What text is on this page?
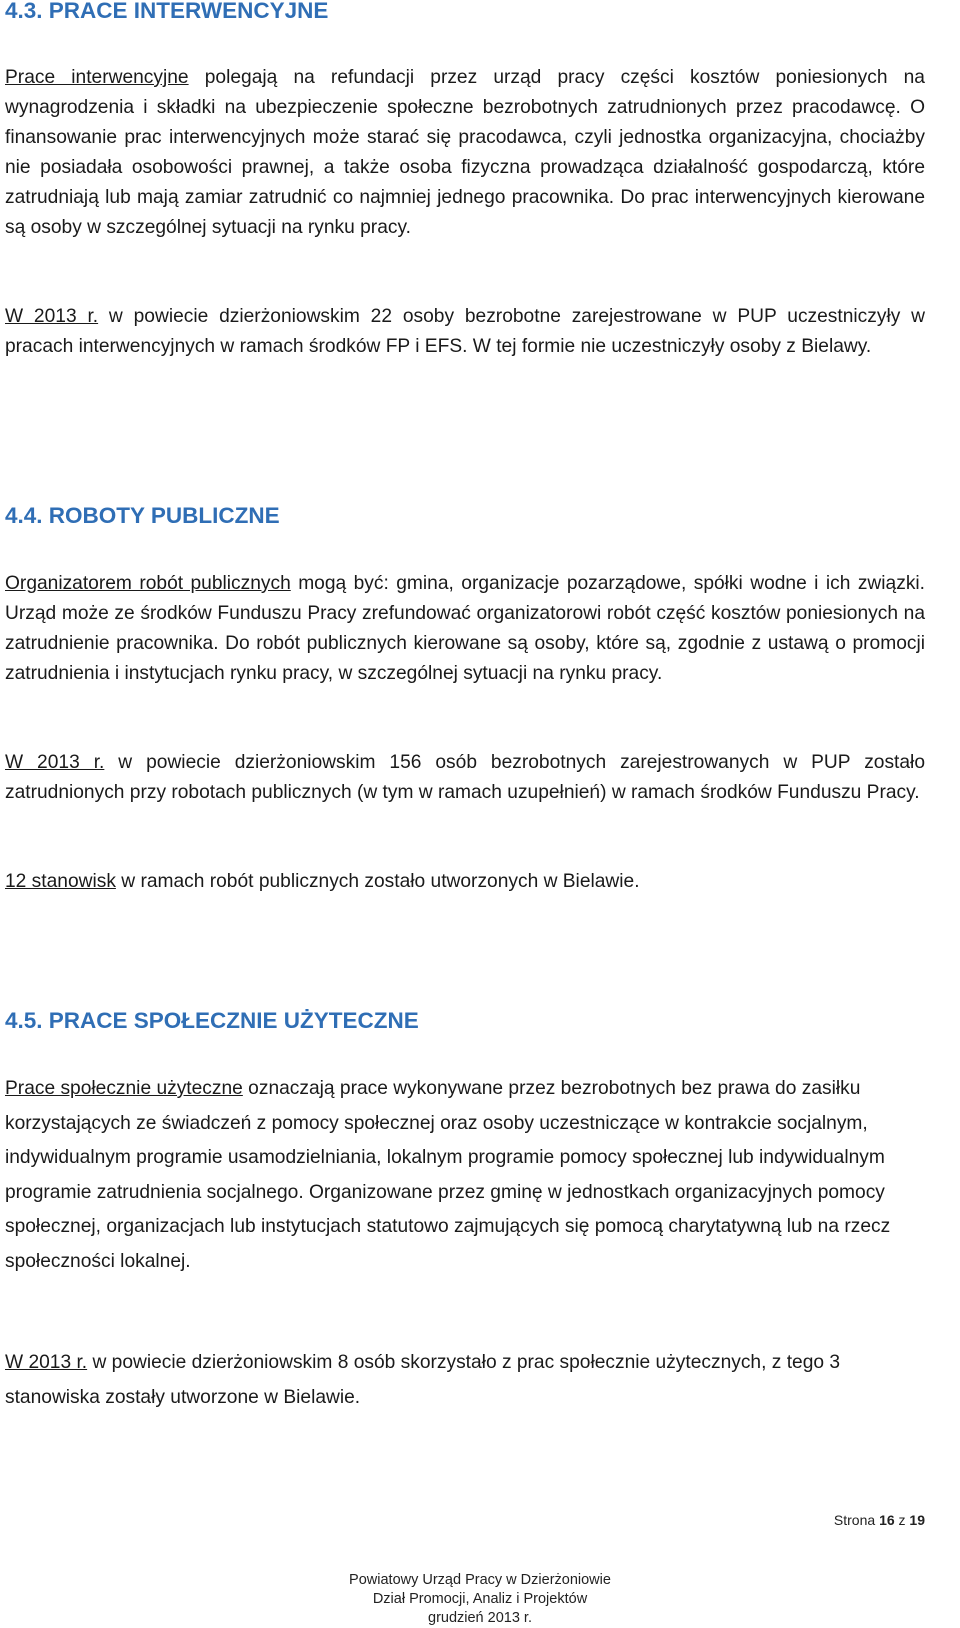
4.3. PRACE INTERWENCYJNE

Prace interwencyjne polegają na refundacji przez urząd pracy części kosztów poniesionych na wynagrodzenia i składki na ubezpieczenie społeczne bezrobotnych zatrudnionych przez pracodawcę. O finansowanie prac interwencyjnych może starać się pracodawca, czyli jednostka organizacyjna, chociażby nie posiadała osobowości prawnej, a także osoba fizyczna prowadząca działalność gospodarczą, które zatrudniają lub mają zamiar zatrudnić co najmniej jednego pracownika. Do prac interwencyjnych kierowane są osoby w szczególnej sytuacji na rynku pracy.

W 2013 r. w powiecie dzierżoniowskim 22 osoby bezrobotne zarejestrowane w PUP uczestniczyły w pracach interwencyjnych w ramach środków FP i EFS. W tej formie nie uczestniczyły osoby z Bielawy.

4.4. ROBOTY PUBLICZNE

Organizatorem robót publicznych mogą być: gmina, organizacje pozarządowe, spółki wodne i ich związki. Urząd może ze środków Funduszu Pracy zrefundować organizatorowi robót część kosztów poniesionych na zatrudnienie pracownika. Do robót publicznych kierowane są osoby, które są, zgodnie z ustawą o promocji zatrudnienia i instytucjach rynku pracy, w szczególnej sytuacji na rynku pracy.

W 2013 r. w powiecie dzierżoniowskim 156 osób bezrobotnych zarejestrowanych w PUP zostało zatrudnionych przy robotach publicznych (w tym w ramach uzupełnień) w ramach środków Funduszu Pracy.

12 stanowisk w ramach robót publicznych zostało utworzonych w Bielawie.

4.5. PRACE SPOŁECZNIE UŻYTECZNE

Prace społecznie użyteczne oznaczają prace wykonywane przez bezrobotnych bez prawa do zasiłku korzystających ze świadczeń z pomocy społecznej oraz osoby uczestniczące w kontrakcie socjalnym, indywidualnym programie usamodzielniania, lokalnym programie pomocy społecznej lub indywidualnym programie zatrudnienia socjalnego. Organizowane przez gminę w jednostkach organizacyjnych pomocy społecznej, organizacjach lub instytucjach statutowo zajmujących się pomocą charytatywną lub na rzecz społeczności lokalnej.

W 2013 r. w powiecie dzierżoniowskim 8 osób skorzystało z prac społecznie użytecznych, z tego 3 stanowiska zostały utworzone w Bielawie.

Strona 16 z 19
Powiatowy Urząd Pracy w Dzierżoniowie
Dział Promocji, Analiz i Projektów
grudzień 2013 r.
